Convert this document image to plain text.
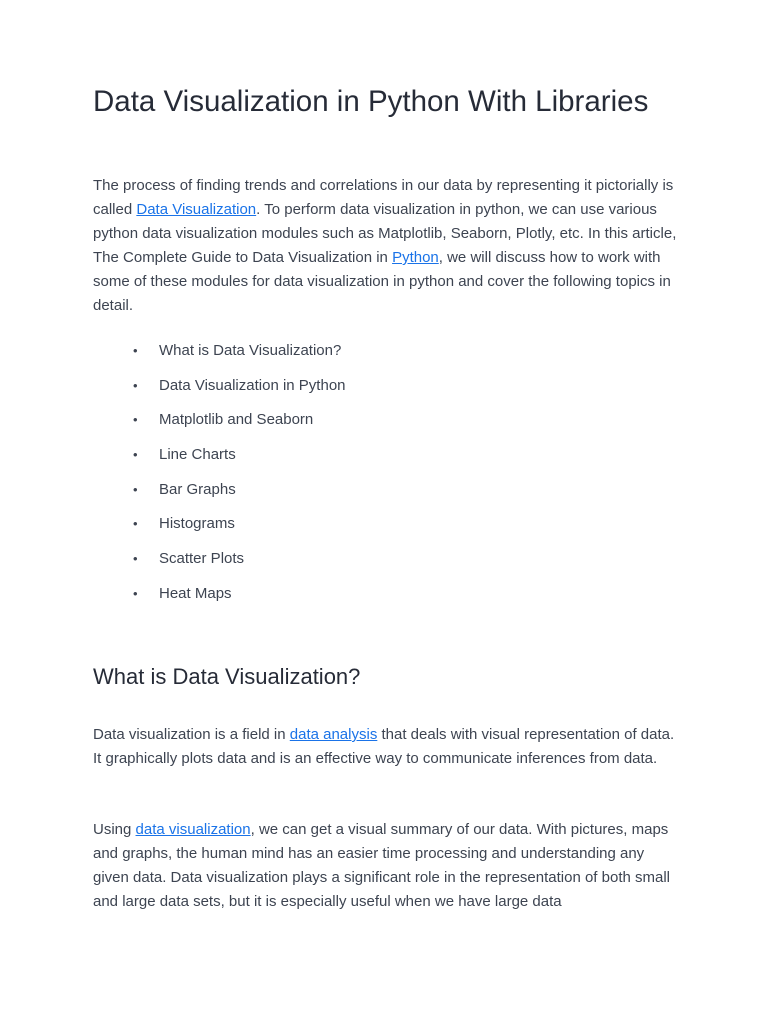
Data Visualization in Python With Libraries

The process of finding trends and correlations in our data by representing it pictorially is called Data Visualization. To perform data visualization in python, we can use various python data visualization modules such as Matplotlib, Seaborn, Plotly, etc. In this article, The Complete Guide to Data Visualization in Python, we will discuss how to work with some of these modules for data visualization in python and cover the following topics in detail.

• What is Data Visualization?
• Data Visualization in Python
• Matplotlib and Seaborn
• Line Charts
• Bar Graphs
• Histograms
• Scatter Plots
• Heat Maps
What is Data Visualization?

Data visualization is a field in data analysis that deals with visual representation of data. It graphically plots data and is an effective way to communicate inferences from data.

Using data visualization, we can get a visual summary of our data. With pictures, maps and graphs, the human mind has an easier time processing and understanding any given data. Data visualization plays a significant role in the representation of both small and large data sets, but it is especially useful when we have large data
